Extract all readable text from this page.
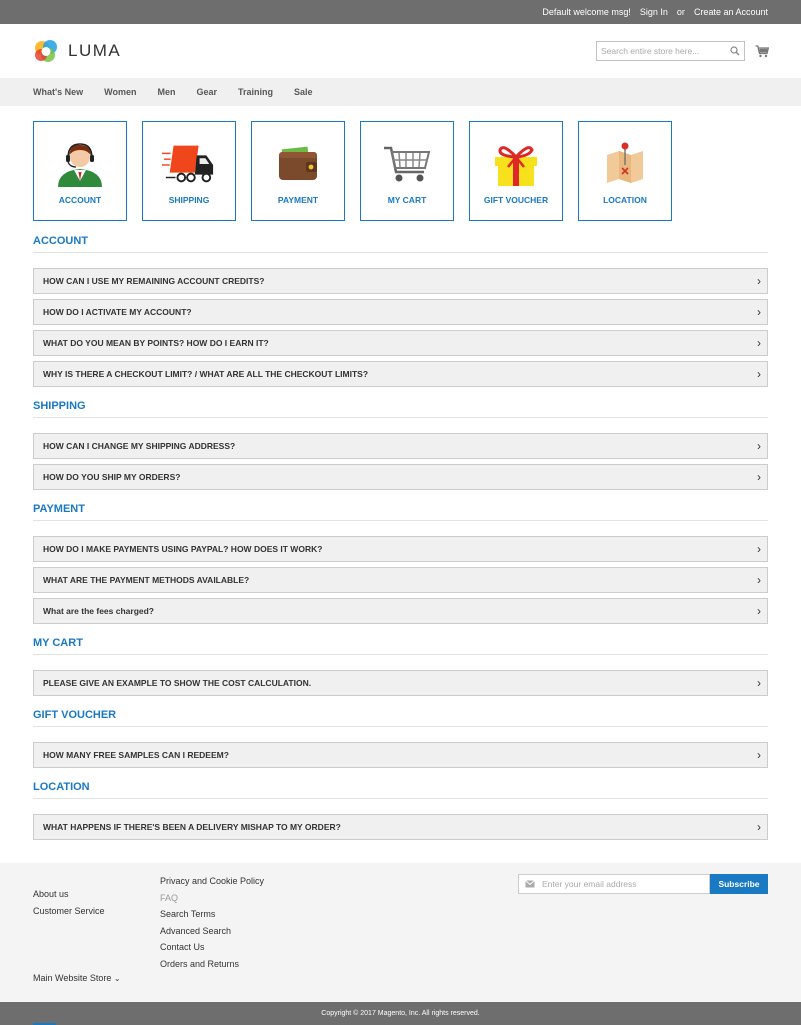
Default welcome msg! Sign In or Create an Account
LUMA
Search entire store here...
What's New Women Men Gear Training Sale
ACCOUNT	SHIPPING	PAYMENT	MY CART	GIFT VOUCHER	LOCATION
ACCOUNT
HOW CAN I USE MY REMAINING ACCOUNT CREDITS?	›
HOW DO I ACTIVATE MY ACCOUNT?	›
WHAT DO YOU MEAN BY POINTS? HOW DO I EARN IT?	›
WHY IS THERE A CHECKOUT LIMIT? / WHAT ARE ALL THE CHECKOUT LIMITS?	›
SHIPPING
HOW CAN I CHANGE MY SHIPPING ADDRESS?	›
HOW DO YOU SHIP MY ORDERS?	›
PAYMENT
HOW DO I MAKE PAYMENTS USING PAYPAL? HOW DOES IT WORK?	›
WHAT ARE THE PAYMENT METHODS AVAILABLE?	›
What are the fees charged?	›
MY CART
PLEASE GIVE AN EXAMPLE TO SHOW THE COST CALCULATION.	›
GIFT VOUCHER
HOW MANY FREE SAMPLES CAN I REDEEM?	›
LOCATION
WHAT HAPPENS IF THERE'S BEEN A DELIVERY MISHAP TO MY ORDER?	›
About us
Customer Service
Privacy and Cookie Policy
FAQ
Search Terms
Advanced Search
Contact Us
Orders and Returns
Main Website Store ⌄
Enter your email address	Subscribe
Copyright © 2017 Magento, Inc. All rights reserved.
